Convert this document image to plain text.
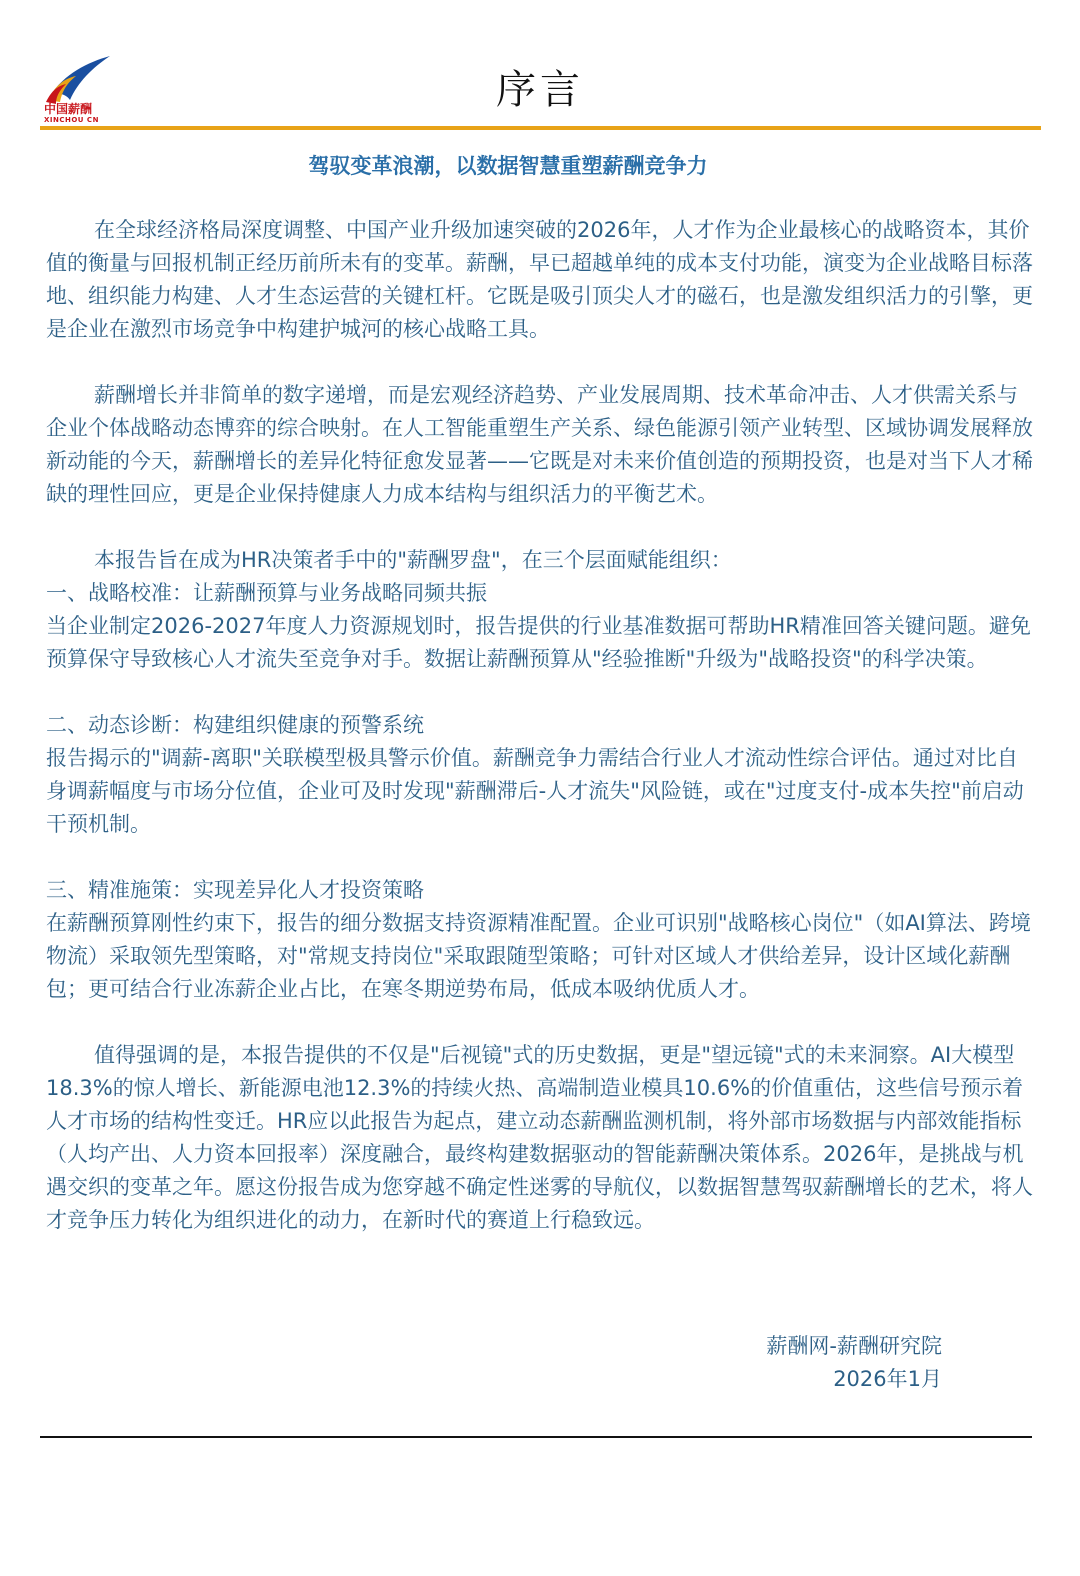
中国薪酬
XINCHOU CN
序言
驾驭变革浪潮，以数据智慧重塑薪酬竞争力

在全球经济格局深度调整、中国产业升级加速突破的2026年，人才作为企业最核心的战略资本，其价值的衡量与回报机制正经历前所未有的变革。薪酬，早已超越单纯的成本支付功能，演变为企业战略目标落地、组织能力构建、人才生态运营的关键杠杆。它既是吸引顶尖人才的磁石，也是激发组织活力的引擎，更是企业在激烈市场竞争中构建护城河的核心战略工具。

薪酬增长并非简单的数字递增，而是宏观经济趋势、产业发展周期、技术革命冲击、人才供需关系与企业个体战略动态博弈的综合映射。在人工智能重塑生产关系、绿色能源引领产业转型、区域协调发展释放新动能的今天，薪酬增长的差异化特征愈发显著——它既是对未来价值创造的预期投资，也是对当下人才稀缺的理性回应，更是企业保持健康人力成本结构与组织活力的平衡艺术。

本报告旨在成为HR决策者手中的"薪酬罗盘"，在三个层面赋能组织：

一、战略校准：让薪酬预算与业务战略同频共振

当企业制定2026-2027年度人力资源规划时，报告提供的行业基准数据可帮助HR精准回答关键问题。避免预算保守导致核心人才流失至竞争对手。数据让薪酬预算从"经验推断"升级为"战略投资"的科学决策。

二、动态诊断：构建组织健康的预警系统

报告揭示的"调薪-离职"关联模型极具警示价值。薪酬竞争力需结合行业人才流动性综合评估。通过对比自身调薪幅度与市场分位值，企业可及时发现"薪酬滞后-人才流失"风险链，或在"过度支付-成本失控"前启动干预机制。

三、精准施策：实现差异化人才投资策略

在薪酬预算刚性约束下，报告的细分数据支持资源精准配置。企业可识别"战略核心岗位"（如AI算法、跨境物流）采取领先型策略，对"常规支持岗位"采取跟随型策略；可针对区域人才供给差异，设计区域化薪酬包；更可结合行业冻薪企业占比，在寒冬期逆势布局，低成本吸纳优质人才。

值得强调的是，本报告提供的不仅是"后视镜"式的历史数据，更是"望远镜"式的未来洞察。AI大模型18.3%的惊人增长、新能源电池12.3%的持续火热、高端制造业模具10.6%的价值重估，这些信号预示着人才市场的结构性变迁。HR应以此报告为起点，建立动态薪酬监测机制，将外部市场数据与内部效能指标（人均产出、人力资本回报率）深度融合，最终构建数据驱动的智能薪酬决策体系。2026年，是挑战与机遇交织的变革之年。愿这份报告成为您穿越不确定性迷雾的导航仪，以数据智慧驾驭薪酬增长的艺术，将人才竞争压力转化为组织进化的动力，在新时代的赛道上行稳致远。

薪酬网-薪酬研究院
2026年1月
